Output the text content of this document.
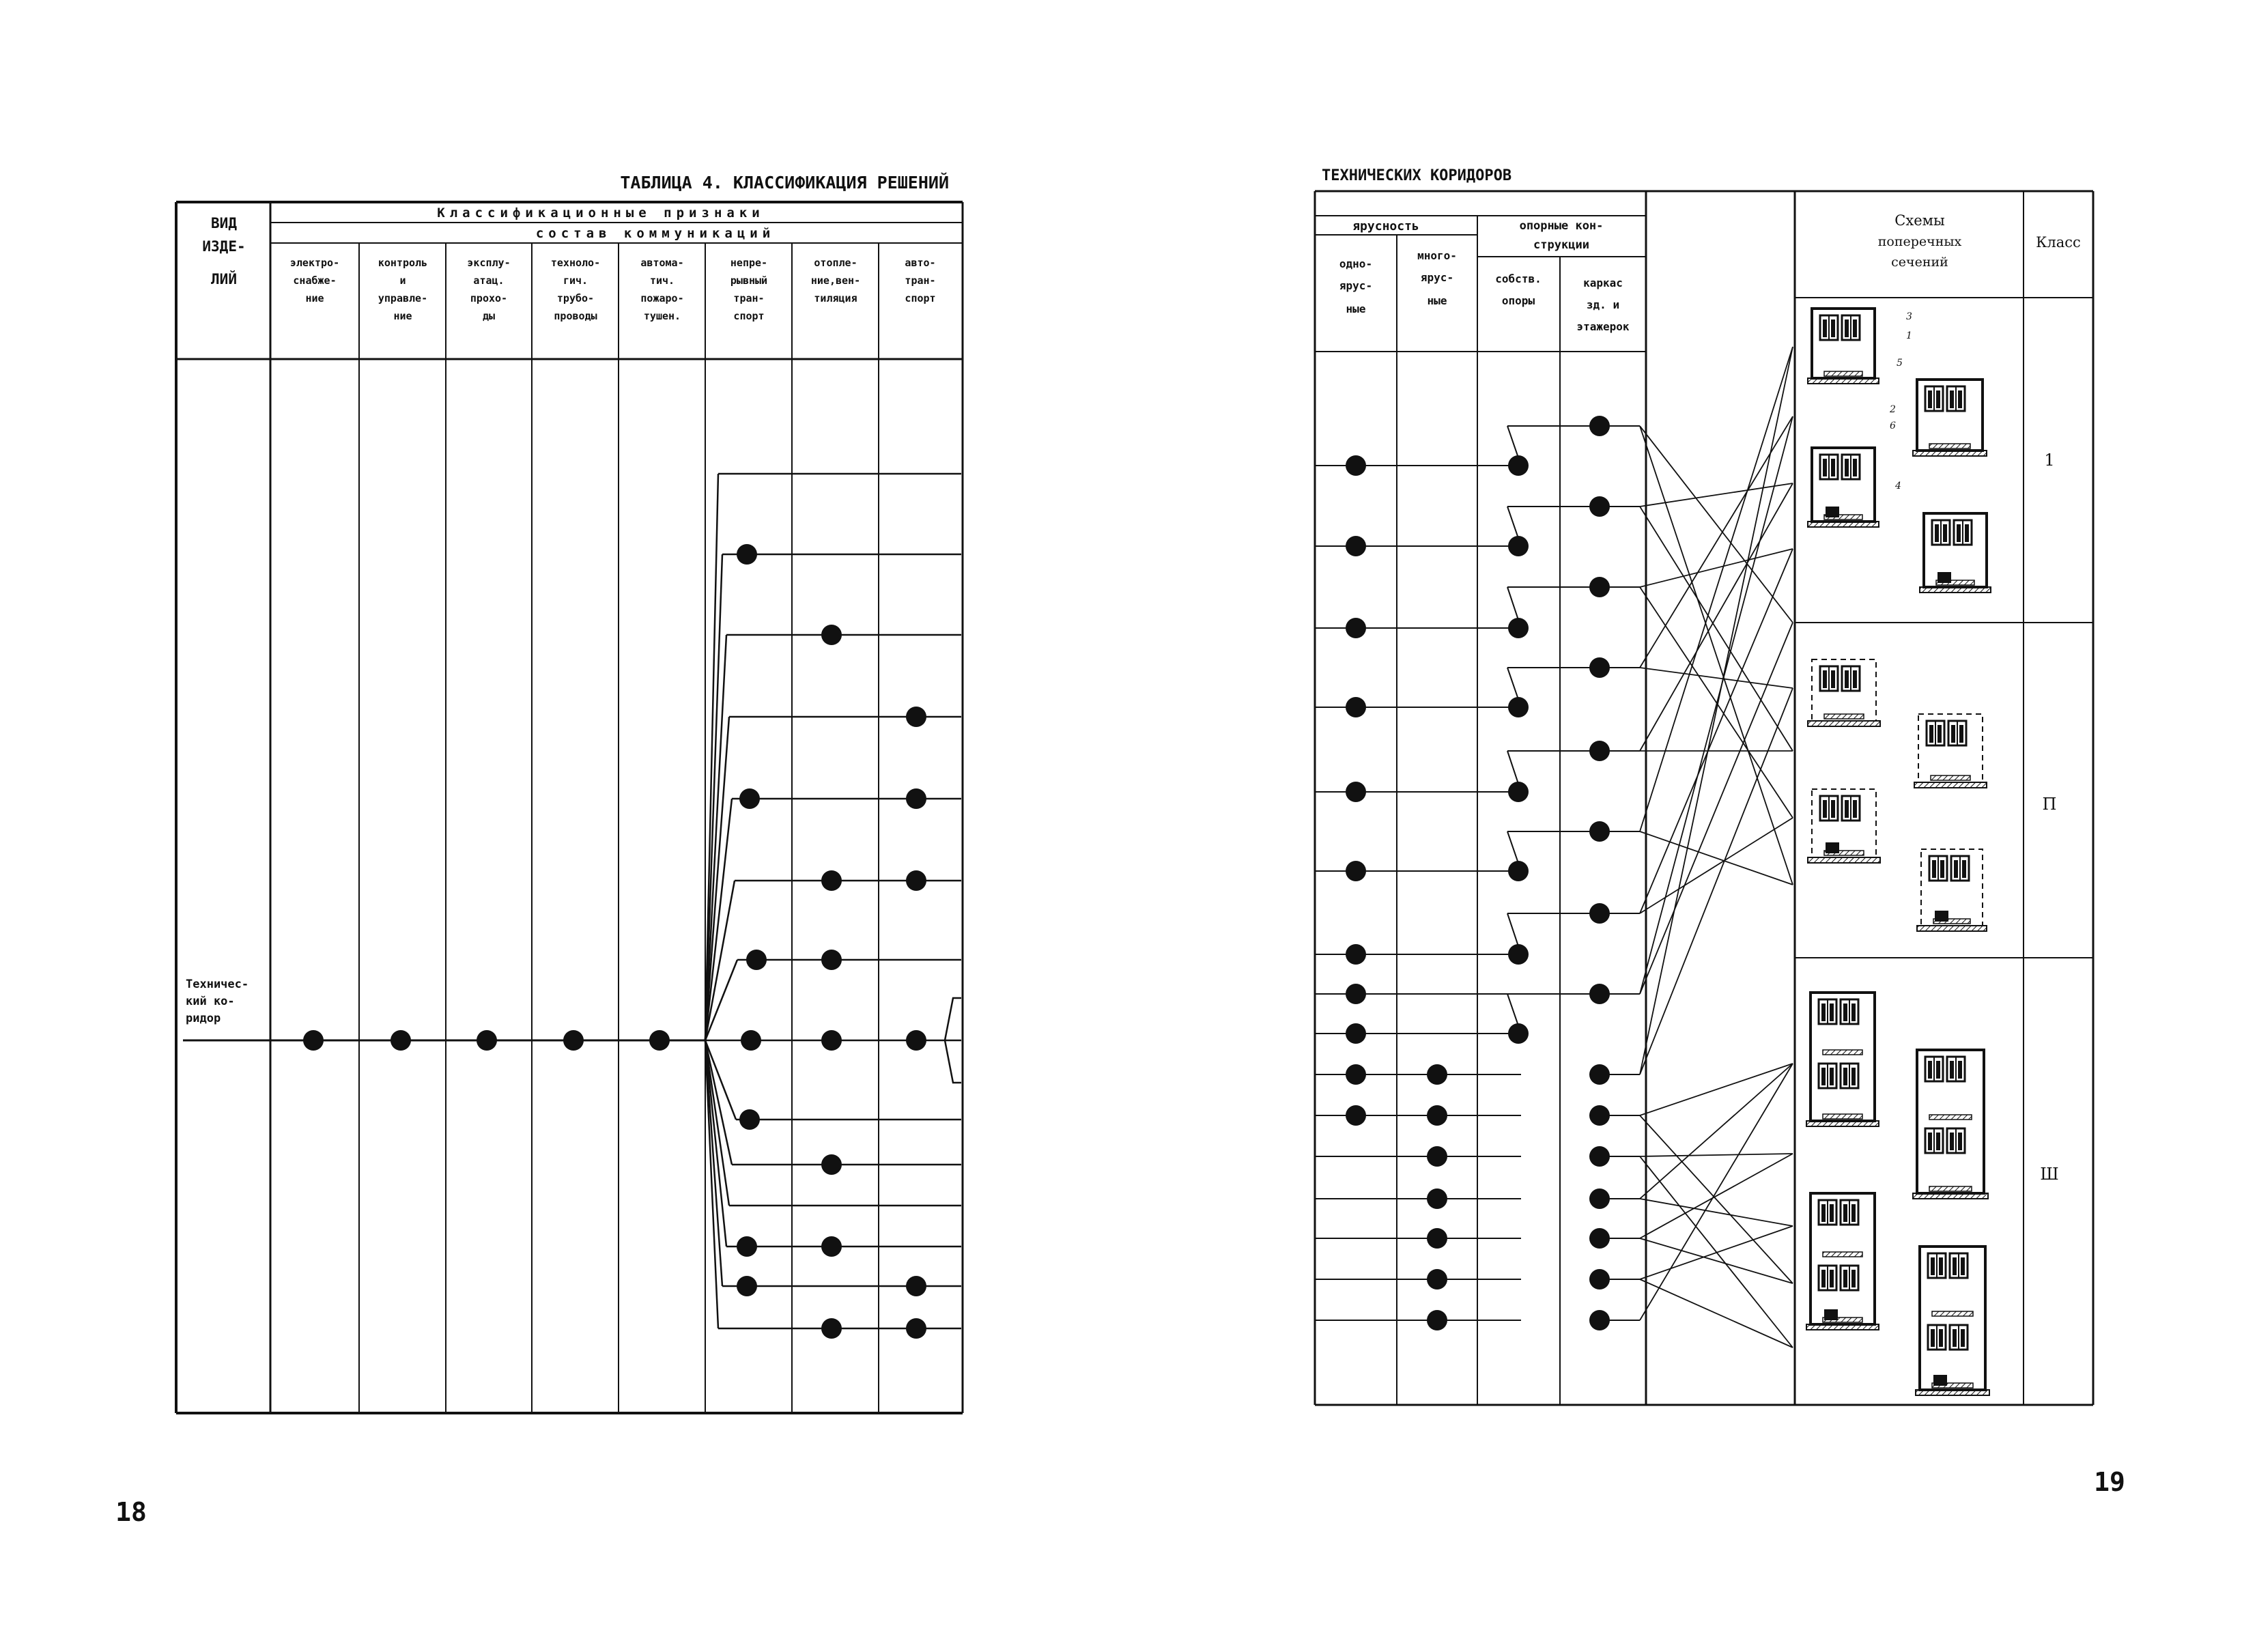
ТАБЛИЦА 4. КЛАССИФИКАЦИЯ РЕШЕНИЙ
ВИД
ИЗДЕ-
ЛИЙ
Классификационные признаки
состав коммуникаций
электро-
снабже-
ние
контроль
и
управле-
ние
эксплу-
атац.
прохо-
ды
техноло-
гич.
трубо-
проводы
автома-
тич.
пожаро-
тушен.
непре-
рывный
тран-
спорт
отопле-
ние,вен-
тиляция
авто-
тран-
спорт
Техничес-
кий ко-
ридор
18
ТЕХНИЧЕСКИХ КОРИДОРОВ
ярусность	опорные кон-
струкции
одно-
ярус-
ные
много-
ярус-
ные
собств.
опоры
каркас
зд. и
этажерок
Схемы
поперечных
сечений
Класс
1
П
Ш
3
1
5
2
6
4
19
